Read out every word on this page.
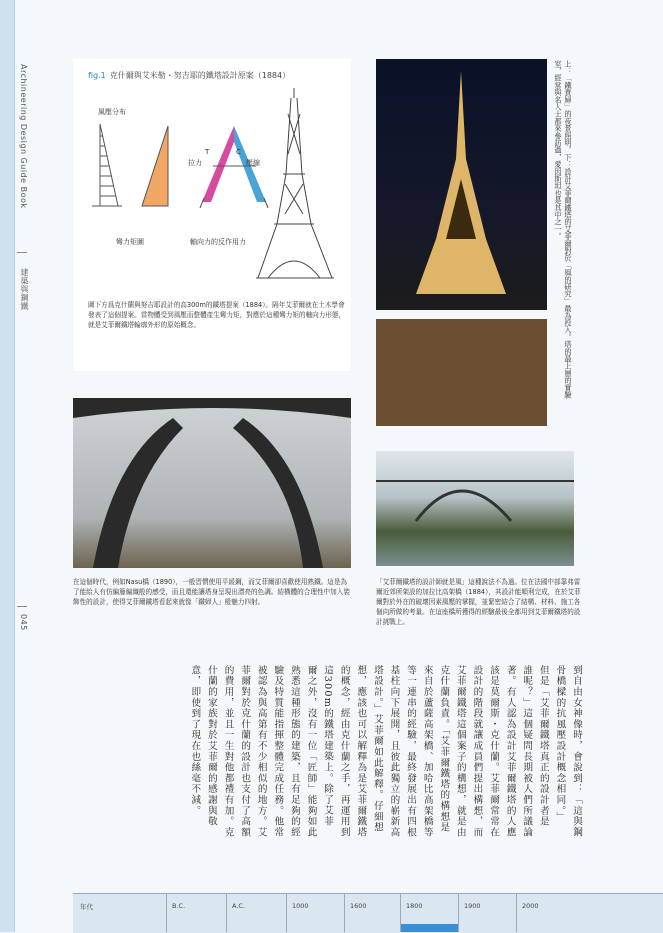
Archineering Design Guide Book
建築與鋼鐵
045
fig.1 克什爾與艾米勒・努吉耶的鐵塔設計原案（1884）
風壓分布
T	C
拉力	壓縮
彎力矩圖	軸向力的反作用力
圖下方爲克什蘭與努吉耶設計的高300m的鐵塔提案（1884）。隔年艾菲爾就在土木學會發表了這個提案。當物體受到風壓而整體產生彎力矩，對應於這種彎力矩的軸向力形態，就是艾菲爾鐵塔輪廓外形的原始概念。	上：「鐵貴婦」的夜景照明。下：設計艾菲爾鐵塔的艾菲爾對於「風的研究」最為投入。塔的最上層的實驗室，經常與名人士都來參訪過，愛因斯坦也是其中之一。
在這個時代，例如Nasu橋（1890），一般習慣使用平緩鋼，而艾菲爾卻喜歡使用熟鐵。這是為了能給人有仿編籐編織般的感受，而且還能讓塔身呈現出漂亮的色調。結構體的合理性中加入裝飾性的設計，使得艾菲爾鐵塔看起來就像「鐵婦人」般魅力四射。
「艾菲爾鐵塔的設計師就是風」這種說法不為過。位在法國中部靠弗雷爾近郊所架設的加拉比高架橋（1884），其設計能順利完成，在於艾菲爾對於外在的破壞因素風壓的掌握，並緊密結合了結構、材料、施工各個向所做的考量。在這座橋所獲得的經驗最後全都用到艾菲爾鐵塔的設計挑戰上。
到自由女神像時，會說到：「這與鋼
骨橋樑的抗風壓設計概念相同。」
但是「艾菲爾鐵塔真正的設計者是
誰呢？」這個疑問長期被人們所議論
著。有人認為設計艾菲爾鐵塔的人應
該是莫爾斯・克什蘭。艾菲爾常常在
設計的階段就讓成員們提出構想，而
艾菲爾鐵塔這個案子的構想，就是由
克什蘭負責。「艾菲爾鐵塔的構想是
來自於蘆薩高架橋、加哈比高架橋等
等一連串的經驗，最終發展出有四根
基柱向下展開，且彼此獨立的嶄新高
塔設計。」艾菲爾如此解釋。仔細想
想，應該也可以解釋為是艾菲爾鐵塔
的概念，經由克什蘭之手，再運用到
這300m的鐵塔建築上。除了艾菲
爾之外，沒有一位「匠師」能夠如此
熟悉這種形態的建築，且有足夠的經
驗及特質能指揮整體完成任務。他常
被認為與高第有不少相似的地方。艾
菲爾對於克什蘭的設計也支付了高額
的費用，並且一生對他都禮有加。克
什蘭的家族對於艾菲爾的感謝與敬
意，即使到了現在也絲毫不減。
年代	B.C.	A.C.	1000	1600	1800	1900	2000
